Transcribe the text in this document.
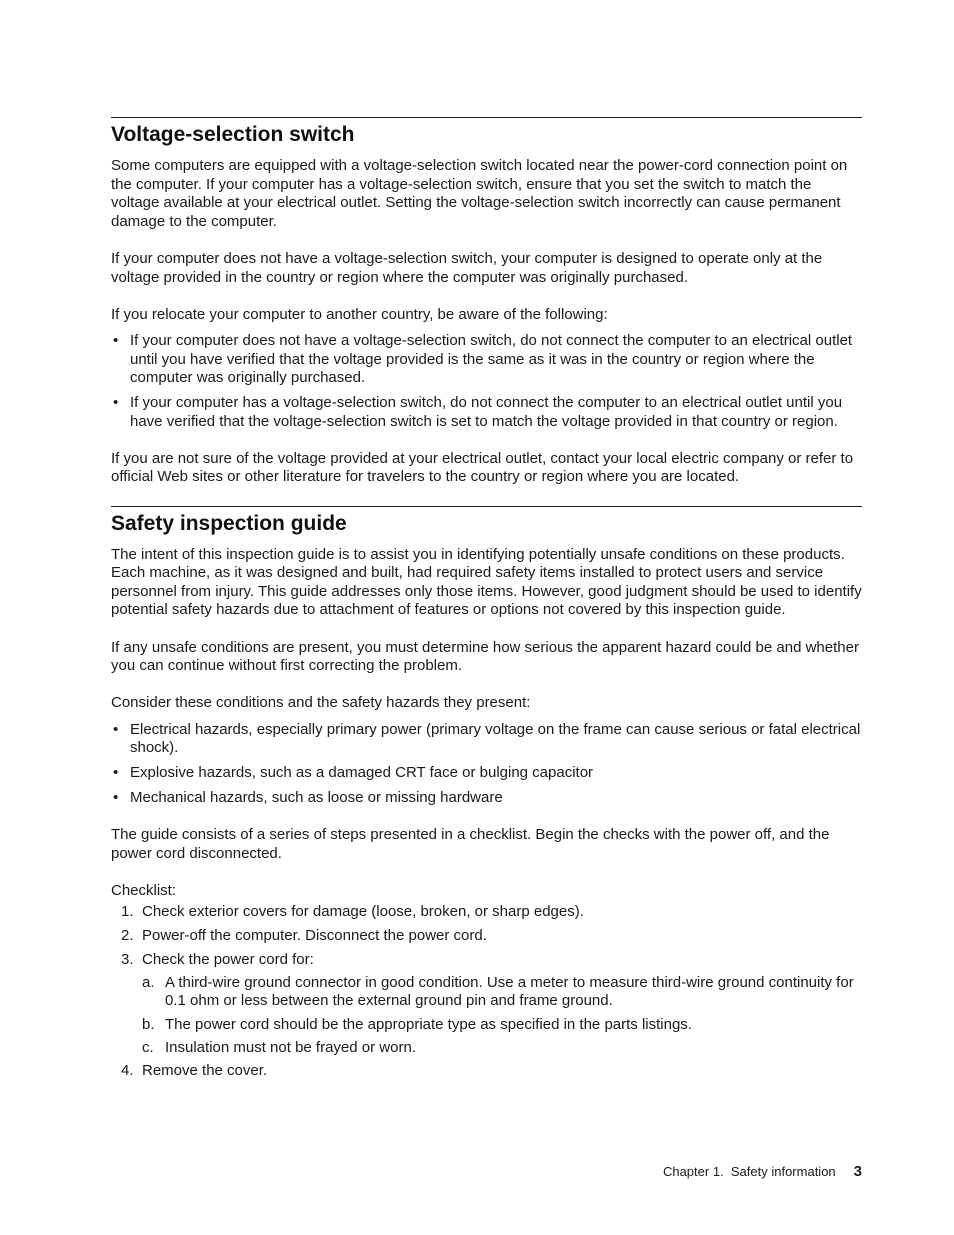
Voltage-selection switch

Some computers are equipped with a voltage-selection switch located near the power-cord connection point on the computer. If your computer has a voltage-selection switch, ensure that you set the switch to match the voltage available at your electrical outlet. Setting the voltage-selection switch incorrectly can cause permanent damage to the computer.

If your computer does not have a voltage-selection switch, your computer is designed to operate only at the voltage provided in the country or region where the computer was originally purchased.

If you relocate your computer to another country, be aware of the following:

• If your computer does not have a voltage-selection switch, do not connect the computer to an electrical outlet until you have verified that the voltage provided is the same as it was in the country or region where the computer was originally purchased.
• If your computer has a voltage-selection switch, do not connect the computer to an electrical outlet until you have verified that the voltage-selection switch is set to match the voltage provided in that country or region.

If you are not sure of the voltage provided at your electrical outlet, contact your local electric company or refer to official Web sites or other literature for travelers to the country or region where you are located.

Safety inspection guide

The intent of this inspection guide is to assist you in identifying potentially unsafe conditions on these products. Each machine, as it was designed and built, had required safety items installed to protect users and service personnel from injury. This guide addresses only those items. However, good judgment should be used to identify potential safety hazards due to attachment of features or options not covered by this inspection guide.

If any unsafe conditions are present, you must determine how serious the apparent hazard could be and whether you can continue without first correcting the problem.

Consider these conditions and the safety hazards they present:

• Electrical hazards, especially primary power (primary voltage on the frame can cause serious or fatal electrical shock).
• Explosive hazards, such as a damaged CRT face or bulging capacitor
• Mechanical hazards, such as loose or missing hardware

The guide consists of a series of steps presented in a checklist. Begin the checks with the power off, and the power cord disconnected.

Checklist:

1. Check exterior covers for damage (loose, broken, or sharp edges).
2. Power-off the computer. Disconnect the power cord.
3. Check the power cord for:
a. A third-wire ground connector in good condition. Use a meter to measure third-wire ground continuity for 0.1 ohm or less between the external ground pin and frame ground.
b. The power cord should be the appropriate type as specified in the parts listings.
c. Insulation must not be frayed or worn.
4. Remove the cover.
Chapter 1.  Safety information 3
